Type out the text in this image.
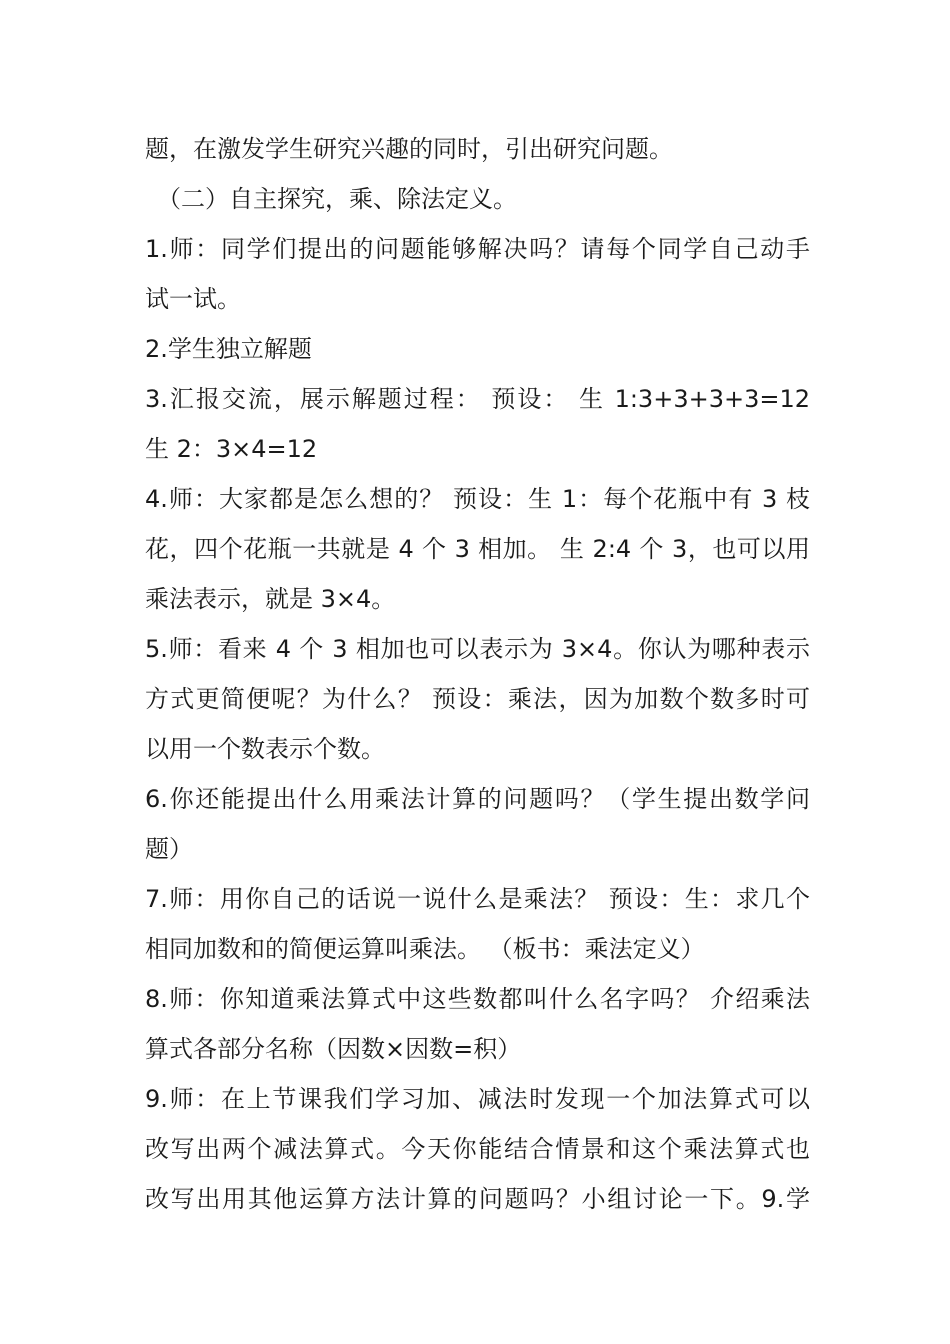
题，在激发学生研究兴趣的同时，引出研究问题。
（二）自主探究，乘、除法定义。
1.师：同学们提出的问题能够解决吗？请每个同学自己动手
试一试。
2.学生独立解题
3.汇报交流，展示解题过程： 预设： 生 1:3+3+3+3=12
生 2：3×4=12
4.师：大家都是怎么想的？ 预设：生 1：每个花瓶中有 3 枝
花，四个花瓶一共就是 4 个 3 相加。 生 2:4 个 3，也可以用
乘法表示，就是 3×4。
5.师：看来 4 个 3 相加也可以表示为 3×4。你认为哪种表示
方式更简便呢？为什么？ 预设：乘法，因为加数个数多时可
以用一个数表示个数。
6.你还能提出什么用乘法计算的问题吗？（学生提出数学问
题）
7.师：用你自己的话说一说什么是乘法？ 预设：生：求几个
相同加数和的简便运算叫乘法。 （板书：乘法定义）
8.师：你知道乘法算式中这些数都叫什么名字吗？ 介绍乘法
算式各部分名称（因数×因数=积）
9.师：在上节课我们学习加、减法时发现一个加法算式可以
改写出两个减法算式。今天你能结合情景和这个乘法算式也
改写出用其他运算方法计算的问题吗？小组讨论一下。9.学
